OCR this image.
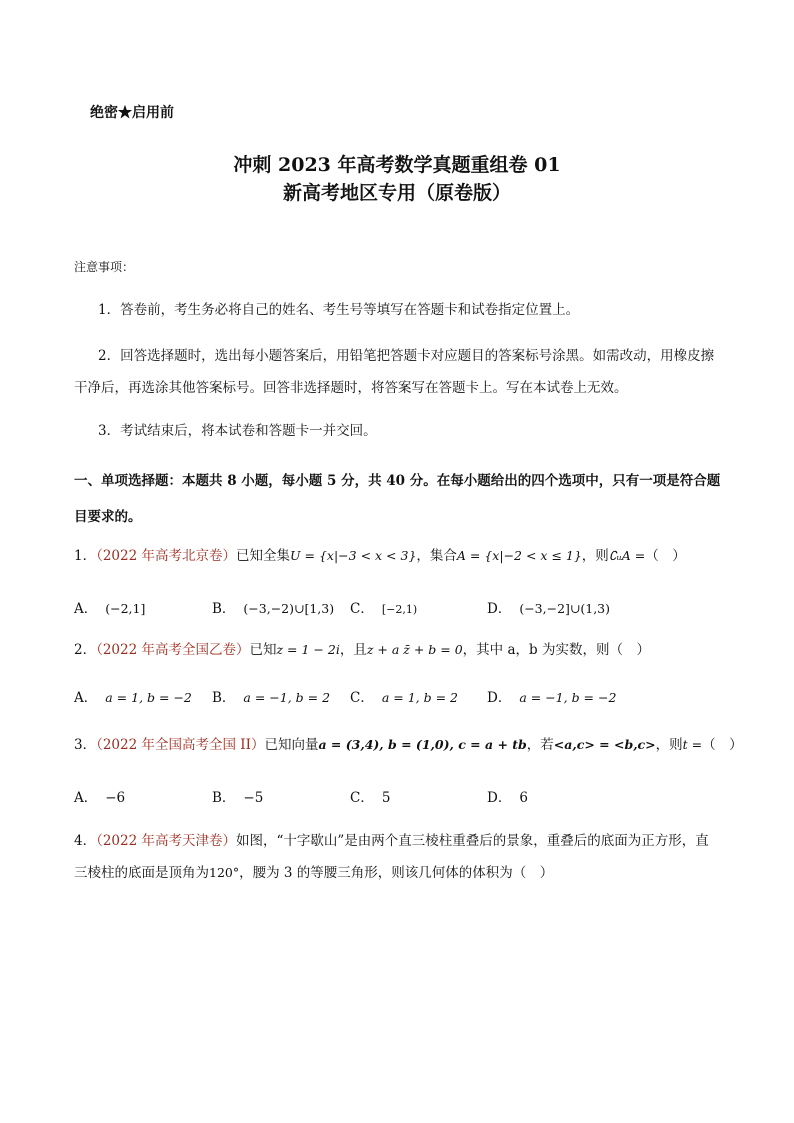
绝密★启用前
冲刺 2023 年高考数学真题重组卷 01
新高考地区专用（原卷版）
注意事项：
1．答卷前，考生务必将自己的姓名、考生号等填写在答题卡和试卷指定位置上。
2．回答选择题时，选出每小题答案后，用铅笔把答题卡对应题目的答案标号涂黑。如需改动，用橡皮擦干净后，再选涂其他答案标号。回答非选择题时，将答案写在答题卡上。写在本试卷上无效。
3．考试结束后，将本试卷和答题卡一并交回。
一、单项选择题：本题共 8 小题，每小题 5 分，共 40 分。在每小题给出的四个选项中，只有一项是符合题目要求的。
1．（2022 年高考北京卷）已知全集U = {x|−3 < x < 3}，集合A = {x|−2 < x ≤ 1}，则∁ᵤA =（　）
A． (−2,1]	B． (−3,−2)∪[1,3) C． [−2,1)	D． (−3,−2]∪(1,3)
2．（2022 年高考全国乙卷）已知z = 1 − 2i，且z + a z̄ + b = 0，其中 a，b 为实数，则（　）
A． a = 1, b = −2 B． a = −1, b = 2 C． a = 1, b = 2 D． a = −1, b = −2
3．（2022 年全国高考全国 II）已知向量a = (3,4), b = (1,0), c = a + tb，若<a,c> = <b,c>，则t =（　）
A． −6	B． −5	C． 5	D． 6
4．（2022 年高考天津卷）如图，“十字歇山”是由两个直三棱柱重叠后的景象，重叠后的底面为正方形，直三棱柱的底面是顶角为120°，腰为 3 的等腰三角形，则该几何体的体积为（　）
